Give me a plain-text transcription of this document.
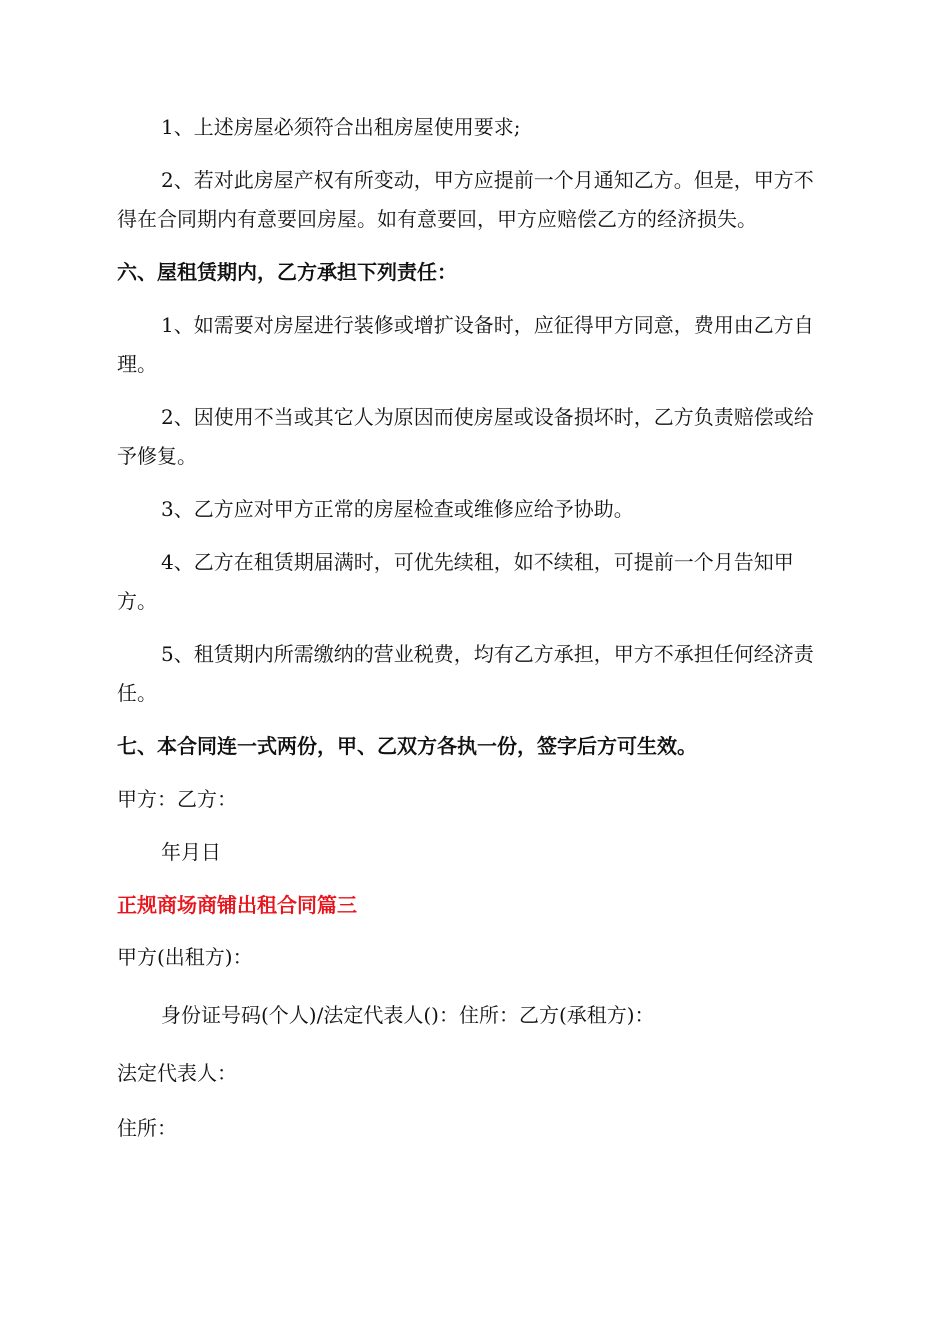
1、上述房屋必须符合出租房屋使用要求;

2、若对此房屋产权有所变动，甲方应提前一个月通知乙方。但是，甲方不得在合同期内有意要回房屋。如有意要回，甲方应赔偿乙方的经济损失。

六、屋租赁期内，乙方承担下列责任：

1、如需要对房屋进行装修或增扩设备时，应征得甲方同意，费用由乙方自理。

2、因使用不当或其它人为原因而使房屋或设备损坏时，乙方负责赔偿或给予修复。

3、乙方应对甲方正常的房屋检查或维修应给予协助。

4、乙方在租赁期届满时，可优先续租，如不续租，可提前一个月告知甲方。

5、租赁期内所需缴纳的营业税费，均有乙方承担，甲方不承担任何经济责任。

七、本合同连一式两份，甲、乙双方各执一份，签字后方可生效。

甲方：乙方：

年月日

正规商场商铺出租合同篇三

甲方(出租方)：

身份证号码(个人)/法定代表人()：住所：乙方(承租方)：

法定代表人：

住所：
